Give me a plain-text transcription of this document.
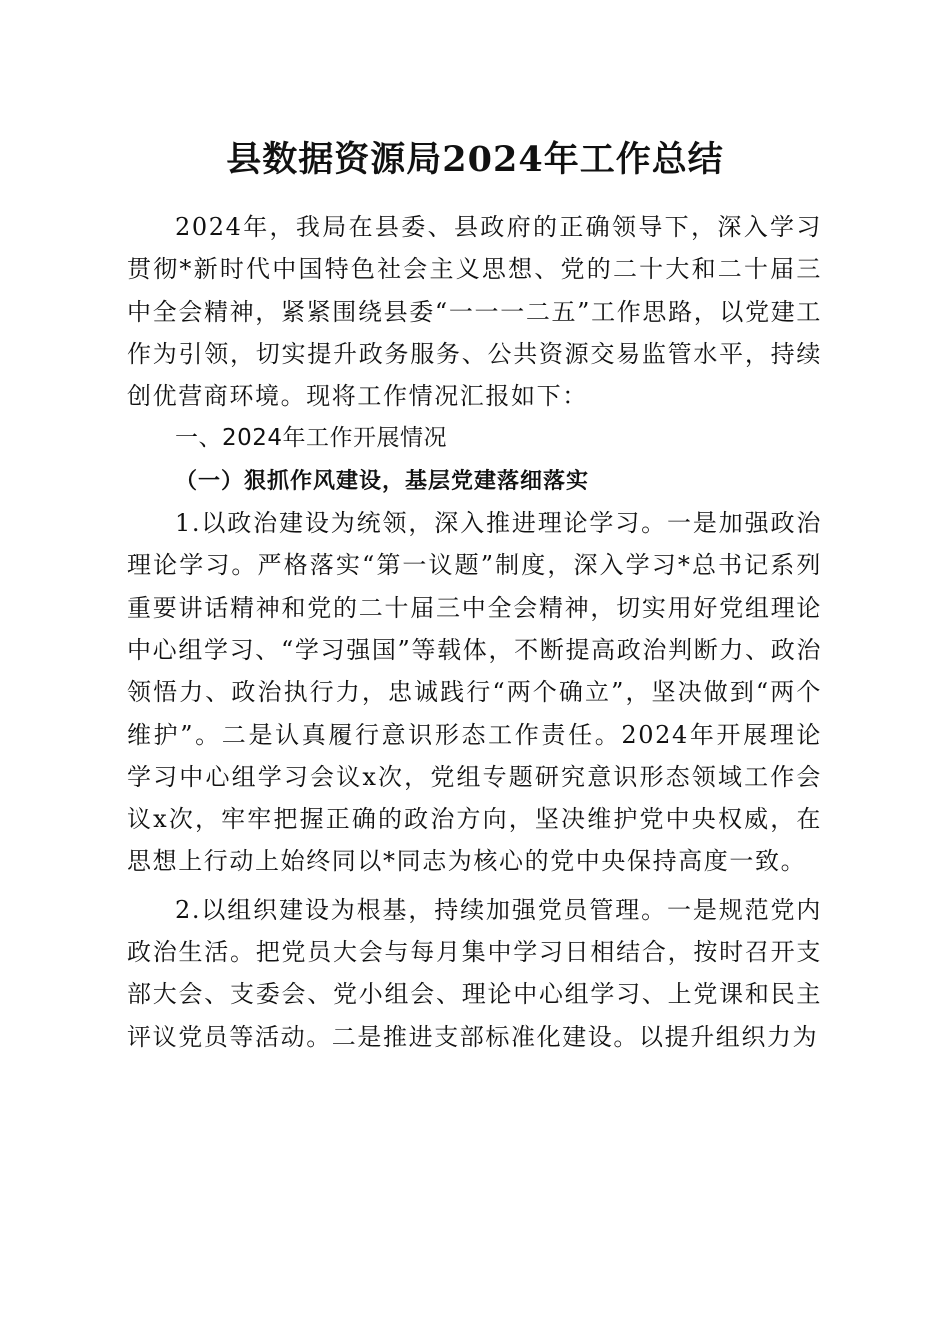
县数据资源局2024年工作总结

2024年，我局在县委、县政府的正确领导下，深入学习贯彻*新时代中国特色社会主义思想、党的二十大和二十届三中全会精神，紧紧围绕县委“一一一二五”工作思路，以党建工作为引领，切实提升政务服务、公共资源交易监管水平，持续创优营商环境。现将工作情况汇报如下：

一、2024年工作开展情况

（一）狠抓作风建设，基层党建落细落实

1.以政治建设为统领，深入推进理论学习。一是加强政治理论学习。严格落实“第一议题”制度，深入学习*总书记系列重要讲话精神和党的二十届三中全会精神，切实用好党组理论中心组学习、“学习强国”等载体，不断提高政治判断力、政治领悟力、政治执行力，忠诚践行“两个确立”，坚决做到“两个维护”。二是认真履行意识形态工作责任。2024年开展理论学习中心组学习会议x次，党组专题研究意识形态领域工作会议x次，牢牢把握正确的政治方向，坚决维护党中央权威，在思想上行动上始终同以*同志为核心的党中央保持高度一致。

2.以组织建设为根基，持续加强党员管理。一是规范党内政治生活。把党员大会与每月集中学习日相结合，按时召开支部大会、支委会、党小组会、理论中心组学习、上党课和民主评议党员等活动。二是推进支部标准化建设。以提升组织力为
